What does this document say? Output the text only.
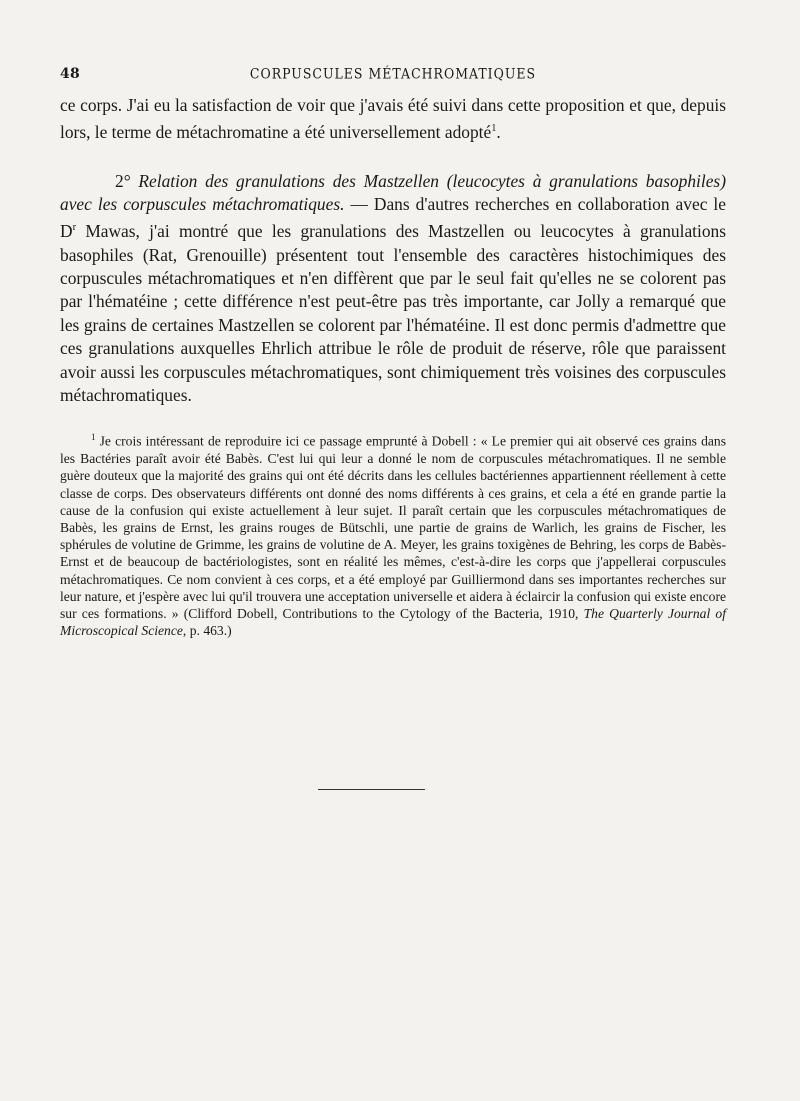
48	CORPUSCULES MÉTACHROMATIQUES

ce corps. J'ai eu la satisfaction de voir que j'avais été suivi dans cette proposition et que, depuis lors, le terme de métachromatine a été universellement adopté$^1$.

2° Relation des granulations des Mastzellen (leucocytes à granulations basophiles) avec les corpuscules métachromatiques. — Dans d'autres recherches en collaboration avec le $D^r$ Mawas, j'ai montré que les granulations des Mastzellen ou leucocytes à granulations basophiles (Rat, Grenouille) présentent tout l'ensemble des caractères histochimiques des corpuscules métachromatiques et n'en diffèrent que par le seul fait qu'elles ne se colorent pas par l'hématéine ; cette différence n'est peut-être pas très importante, car Jolly a remarqué que les grains de certaines Mastzellen se colorent par l'hématéine. Il est donc permis d'admettre que ces granulations auxquelles Ehrlich attribue le rôle de produit de réserve, rôle que paraissent avoir aussi les corpuscules métachromatiques, sont chimiquement très voisines des corpuscules métachromatiques.

$^1$ Je crois intéressant de reproduire ici ce passage emprunté à Dobell : « Le premier qui ait observé ces grains dans les Bactéries paraît avoir été Babès. C'est lui qui leur a donné le nom de corpuscules métachromatiques. Il ne semble guère douteux que la majorité des grains qui ont été décrits dans les cellules bactériennes appartiennent réellement à cette classe de corps. Des observateurs différents ont donné des noms différents à ces grains, et cela a été en grande partie la cause de la confusion qui existe actuellement à leur sujet. Il paraît certain que les corpuscules métachromatiques de Babès, les grains de Ernst, les grains rouges de Bütschli, une partie de grains de Warlich, les grains de Fischer, les sphérules de volutine de Grimme, les grains de volutine de A. Meyer, les grains toxigènes de Behring, les corps de Babès-Ernst et de beaucoup de bactériologistes, sont en réalité les mêmes, c'est-à-dire les corps que j'appellerai corpuscules métachromatiques. Ce nom convient à ces corps, et a été employé par Guilliermond dans ses importantes recherches sur leur nature, et j'espère avec lui qu'il trouvera une acceptation universelle et aidera à éclaircir la confusion qui existe encore sur ces formations. » (Clifford Dobell, Contributions to the Cytology of the Bacteria, 1910, The Quarterly Journal of Microscopical Science, p. 463.)
